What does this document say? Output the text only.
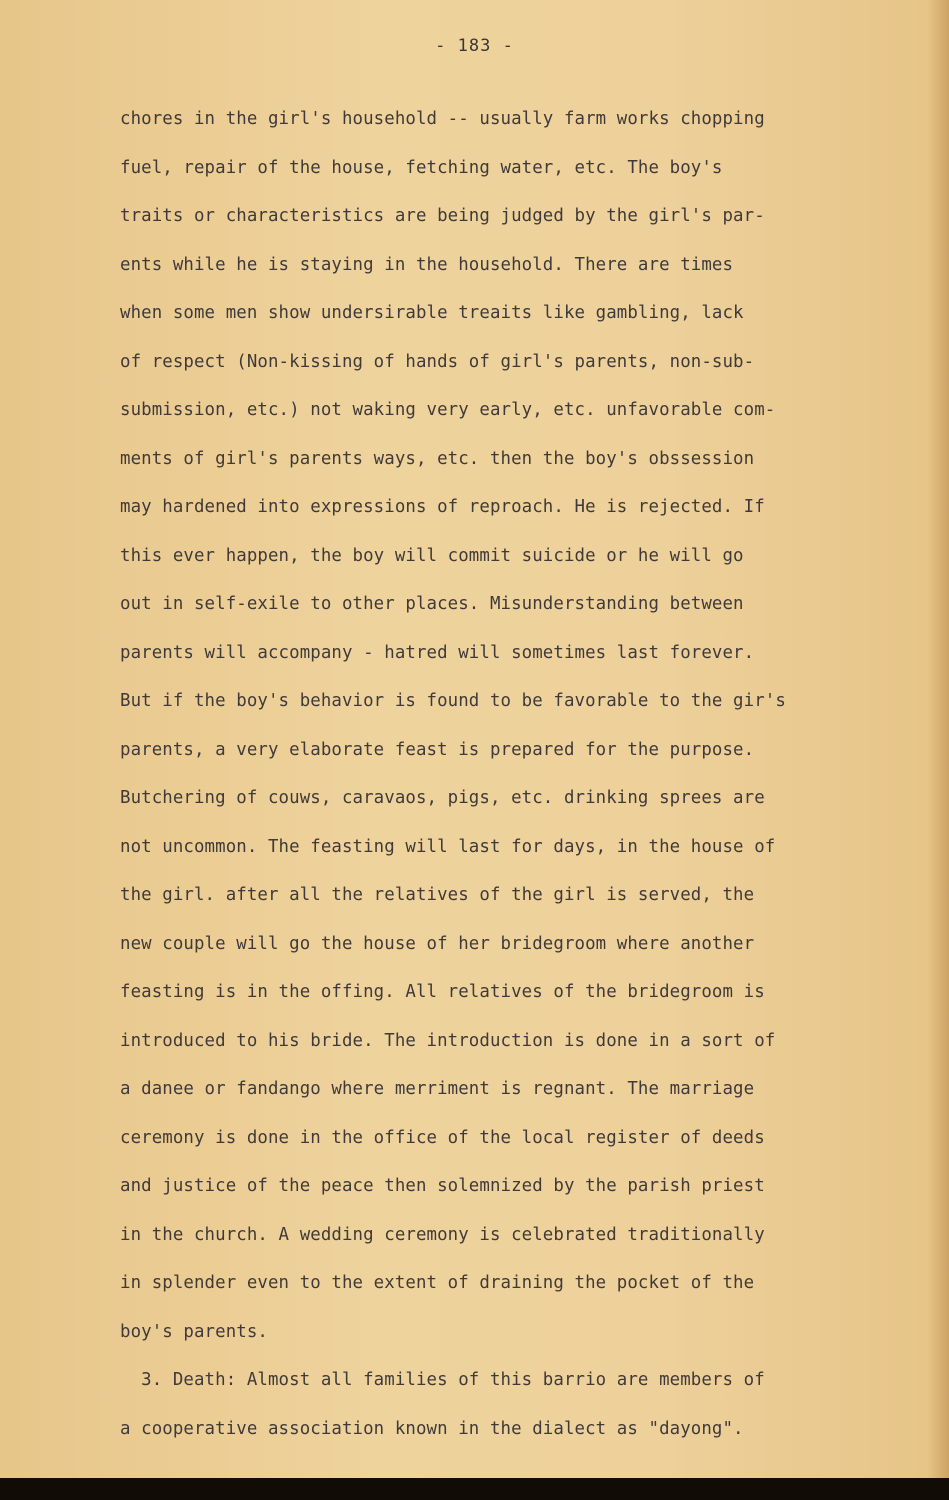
- 183 -
chores in the girl's household -- usually farm works chopping
fuel, repair of the house, fetching water, etc. The boy's
traits or characteristics are being judged by the girl's par-
ents while he is staying in the household. There are times
when some men show undersirable treaits like gambling, lack
of respect (Non-kissing of hands of girl's parents, non-sub-
submission, etc.) not waking very early, etc. unfavorable com-
ments of girl's parents ways, etc. then the boy's obssession
may hardened into expressions of reproach. He is rejected. If
this ever happen, the boy will commit suicide or he will go
out in self-exile to other places. Misunderstanding between
parents will accompany - hatred will sometimes last forever.
But if the boy's behavior is found to be favorable to the gir's
parents, a very elaborate feast is prepared for the purpose.
Butchering of couws, caravaos, pigs, etc. drinking sprees are
not uncommon. The feasting will last for days, in the house of
the girl. after all the relatives of the girl is served, the
new couple will go the house of her bridegroom where another
feasting is in the offing. All relatives of the bridegroom is
introduced to his bride. The introduction is done in a sort of
a danee or fandango where merriment is regnant. The marriage
ceremony is done in the office of the local register of deeds
and justice of the peace then solemnized by the parish priest
in the church. A wedding ceremony is celebrated traditionally
in splender even to the extent of draining the pocket of the
boy's parents.
3. Death: Almost all families of this barrio are members of
a cooperative association known in the dialect as "dayong".
